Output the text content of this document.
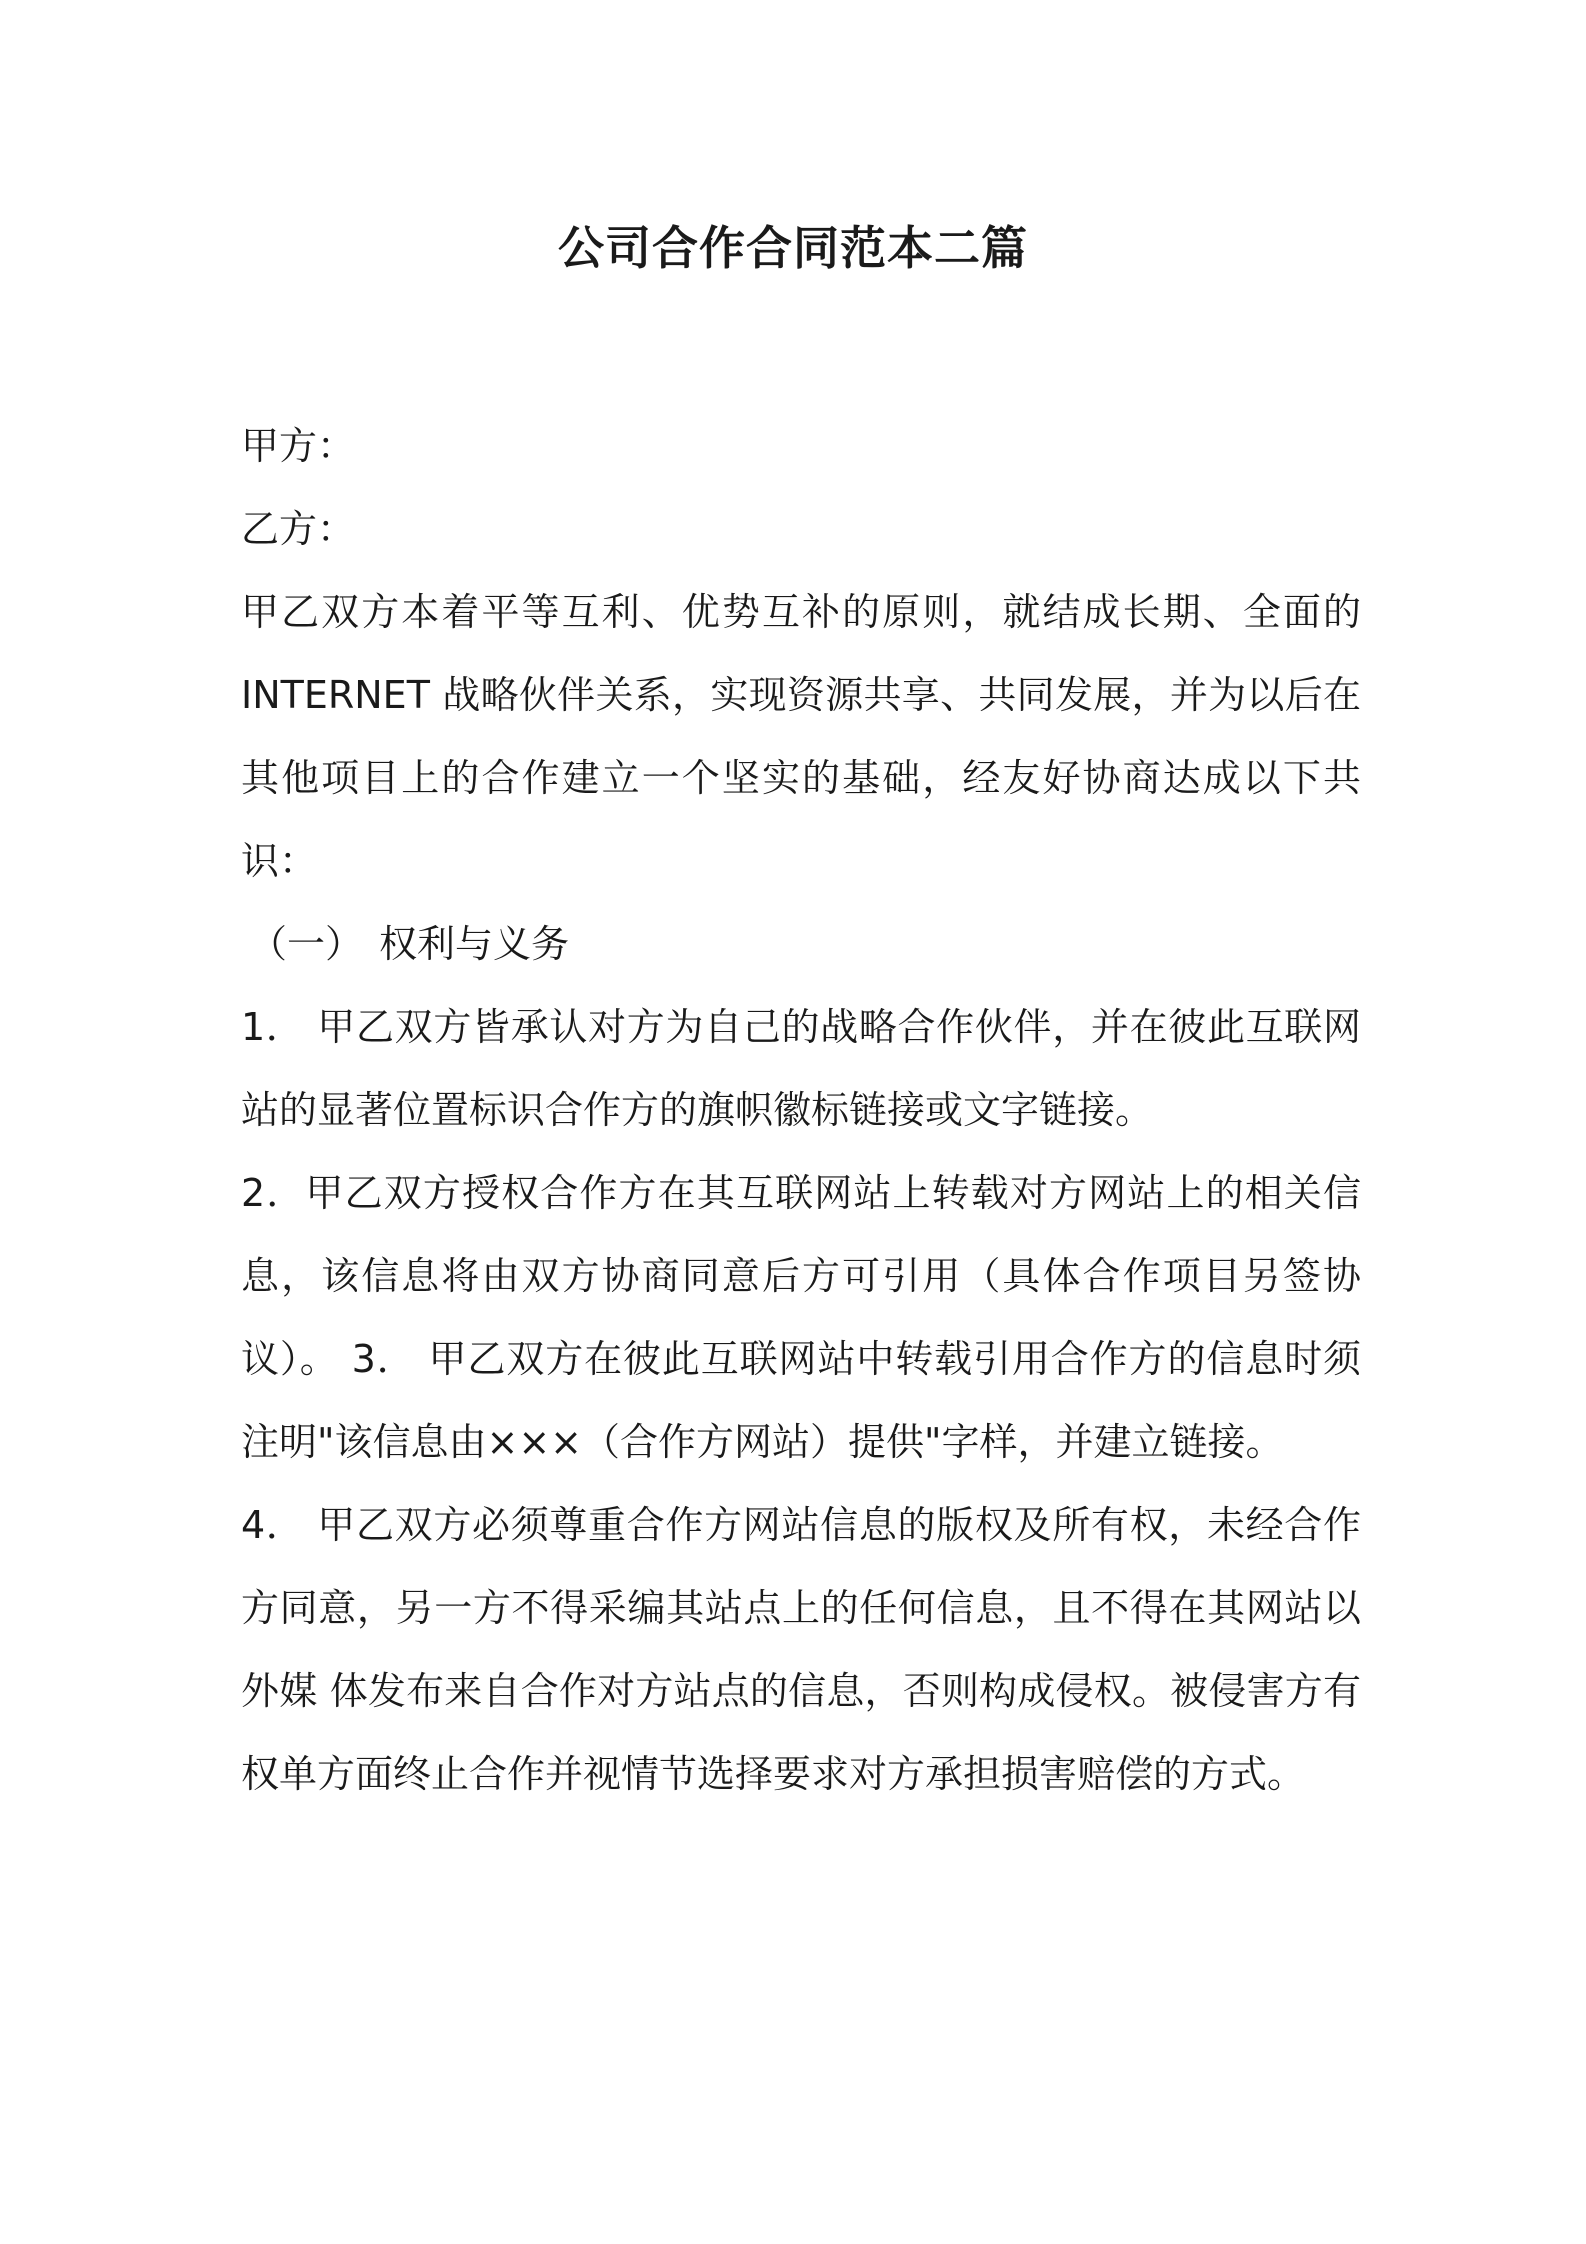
公司合作合同范本二篇

甲方：

乙方：

甲乙双方本着平等互利、优势互补的原则，就结成长期、全面的INTERNET 战略伙伴关系，实现资源共享、共同发展，并为以后在其他项目上的合作建立一个坚实的基础，经友好协商达成以下共识：

（一） 权利与义务

1． 甲乙双方皆承认对方为自己的战略合作伙伴，并在彼此互联网站的显著位置标识合作方的旗帜徽标链接或文字链接。

2．甲乙双方授权合作方在其互联网站上转载对方网站上的相关信息，该信息将由双方协商同意后方可引用（具体合作项目另签协议）。 3． 甲乙双方在彼此互联网站中转载引用合作方的信息时须注明"该信息由×××（合作方网站）提供"字样，并建立链接。

4． 甲乙双方必须尊重合作方网站信息的版权及所有权，未经合作方同意，另一方不得采编其站点上的任何信息，且不得在其网站以外媒 体发布来自合作对方站点的信息，否则构成侵权。被侵害方有权单方面终止合作并视情节选择要求对方承担损害赔偿的方式。
